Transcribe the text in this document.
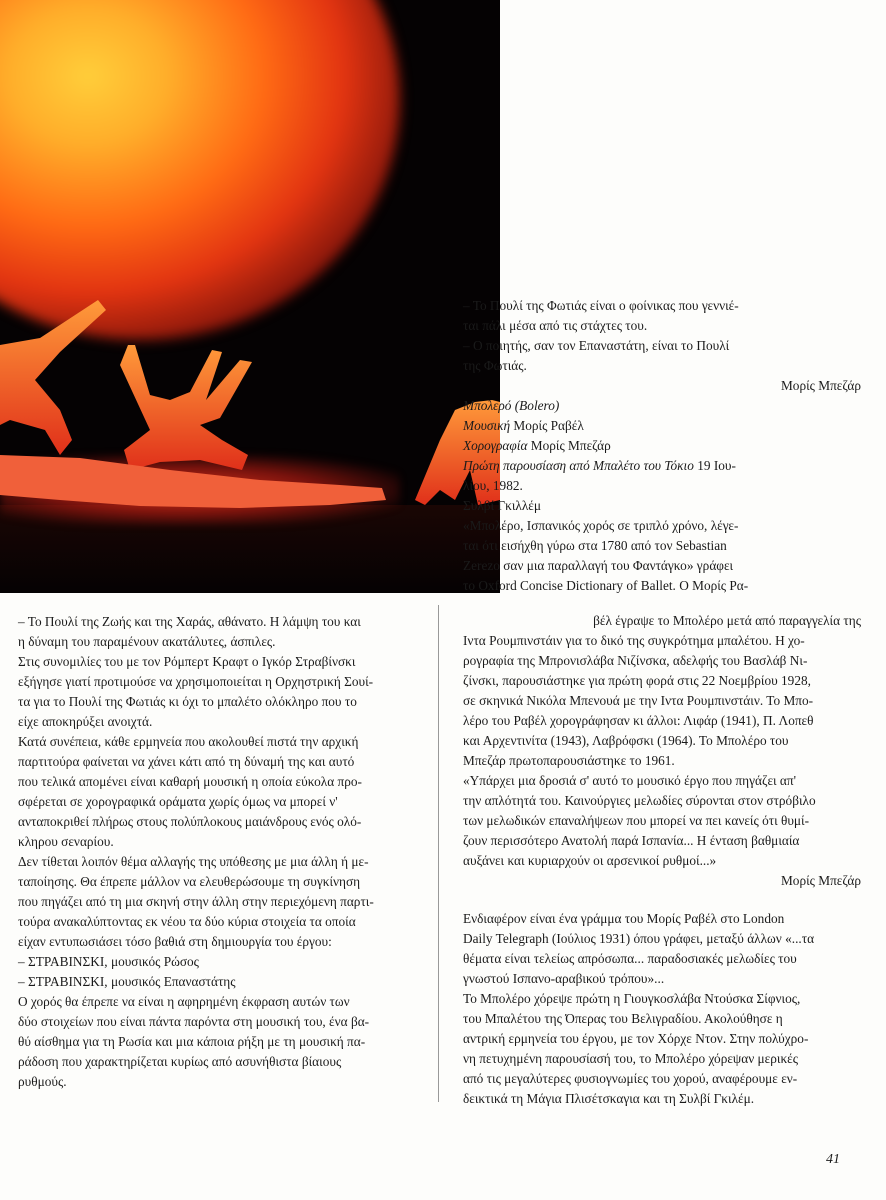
– Το Πουλί της Φωτιάς είναι ο φοίνικας που γεννιέ-

ται πάλι μέσα από τις στάχτες του.

– Ο ποιητής, σαν τον Επαναστάτη, είναι το Πουλί

της Φωτιάς.

Μορίς Μπεζάρ

Μπολερό (Bolero)

Μουσική Μορίς Ραβέλ

Χορογραφία Μορίς Μπεζάρ

Πρώτη παρουσίαση από Μπαλέτο του Τόκιο 19 Ιου-

λίου, 1982.

Συλβί Γκιλλέμ

«Μπολέρο, Ισπανικός χορός σε τριπλό χρόνο, λέγε-

ται ότι εισήχθη γύρω στα 1780 από τον Sebastian

Zerezo σαν μια παραλλαγή του Φαντάγκο» γράφει

το Oxford Concise Dictionary of Ballet. Ο Μορίς Ρα-

– Το Πουλί της Ζωής και της Χαράς, αθάνατο. Η λάμψη του και

η δύναμη του παραμένουν ακατάλυτες, άσπιλες.

Στις συνομιλίες του με τον Ρόμπερτ Κραφτ ο Ιγκόρ Στραβίνσκι

εξήγησε γιατί προτιμούσε να χρησιμοποιείται η Ορχηστρική Σουί-

τα για το Πουλί της Φωτιάς κι όχι το μπαλέτο ολόκληρο που το

είχε αποκηρύξει ανοιχτά.

Κατά συνέπεια, κάθε ερμηνεία που ακολουθεί πιστά την αρχική

παρτιτούρα φαίνεται να χάνει κάτι από τη δύναμή της και αυτό

που τελικά απομένει είναι καθαρή μουσική η οποία εύκολα προ-

σφέρεται σε χορογραφικά οράματα χωρίς όμως να μπορεί ν'

ανταποκριθεί πλήρως στους πολύπλοκους μαιάνδρους ενός ολό-

κληρου σεναρίου.

Δεν τίθεται λοιπόν θέμα αλλαγής της υπόθεσης με μια άλλη ή με-

ταποίησης. Θα έπρεπε μάλλον να ελευθερώσουμε τη συγκίνηση

που πηγάζει από τη μια σκηνή στην άλλη στην περιεχόμενη παρτι-

τούρα ανακαλύπτοντας εκ νέου τα δύο κύρια στοιχεία τα οποία

είχαν εντυπωσιάσει τόσο βαθιά στη δημιουργία του έργου:

– ΣΤΡΑΒΙΝΣΚΙ, μουσικός Ρώσος

– ΣΤΡΑΒΙΝΣΚΙ, μουσικός Επαναστάτης

Ο χορός θα έπρεπε να είναι η αφηρημένη έκφραση αυτών των

δύο στοιχείων που είναι πάντα παρόντα στη μουσική του, ένα βα-

θύ αίσθημα για τη Ρωσία και μια κάποια ρήξη με τη μουσική πα-

ράδοση που χαρακτηρίζεται κυρίως από ασυνήθιστα βίαιους

ρυθμούς.

βέλ έγραψε το Μπολέρο μετά από παραγγελία της

Ιντα Ρουμπινστάιν για το δικό της συγκρότημα μπαλέτου. Η χο-

ρογραφία της Μπρονισλάβα Νιζίνσκα, αδελφής του Βασλάβ Νι-

ζίνσκι, παρουσιάστηκε για πρώτη φορά στις 22 Νοεμβρίου 1928,

σε σκηνικά Νικόλα Μπενουά με την Ιντα Ρουμπινστάιν. Το Μπο-

λέρο του Ραβέλ χορογράφησαν κι άλλοι: Λιφάρ (1941), Π. Λοπεθ

και Αρχεντινίτα (1943), Λαβρόφσκι (1964). Το Μπολέρο του

Μπεζάρ πρωτοπαρουσιάστηκε το 1961.

«Υπάρχει μια δροσιά σ' αυτό το μουσικό έργο που πηγάζει απ'

την απλότητά του. Καινούργιες μελωδίες σύρονται στον στρόβιλο

των μελωδικών επαναλήψεων που μπορεί να πει κανείς ότι θυμί-

ζουν περισσότερο Ανατολή παρά Ισπανία... Η ένταση βαθμιαία

αυξάνει και κυριαρχούν οι αρσενικοί ρυθμοί...»

Μορίς Μπεζάρ

Ενδιαφέρον είναι ένα γράμμα του Μορίς Ραβέλ στο London

Daily Telegraph (Ιούλιος 1931) όπου γράφει, μεταξύ άλλων «...τα

θέματα είναι τελείως απρόσωπα... παραδοσιακές μελωδίες του

γνωστού Ισπανο-αραβικού τρόπου»...

Το Μπολέρο χόρεψε πρώτη η Γιουγκοσλάβα Ντούσκα Σίφνιος,

του Μπαλέτου της Όπερας του Βελιγραδίου. Ακολούθησε η

αντρική ερμηνεία του έργου, με τον Χόρχε Ντον. Στην πολύχρο-

νη πετυχημένη παρουσίασή του, το Μπολέρο χόρεψαν μερικές

από τις μεγαλύτερες φυσιογνωμίες του χορού, αναφέρουμε εν-

δεικτικά τη Μάγια Πλισέτσκαγια και τη Συλβί Γκιλέμ.

41
